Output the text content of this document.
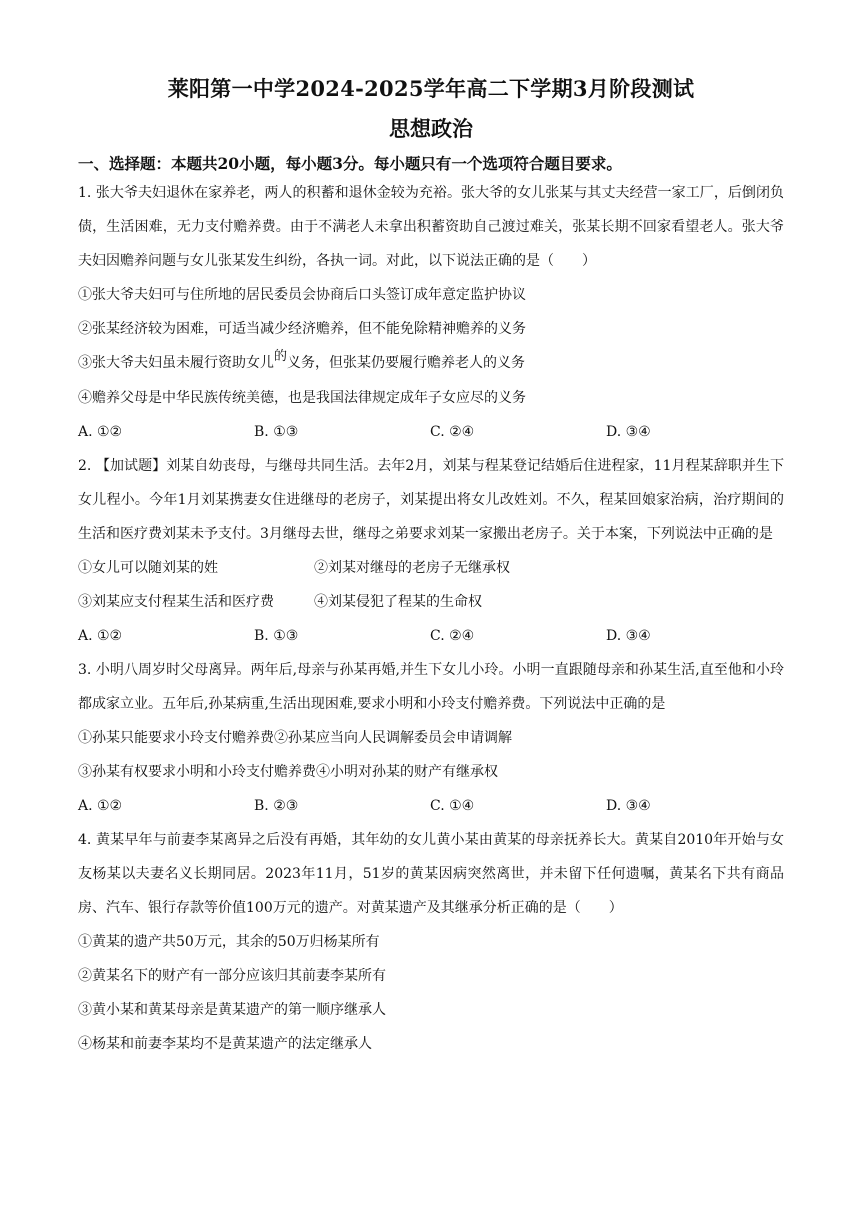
莱阳第一中学2024-2025学年高二下学期3月阶段测试
思想政治

一、选择题：本题共20小题，每小题3分。每小题只有一个选项符合题目要求。

1. 张大爷夫妇退休在家养老，两人的积蓄和退休金较为充裕。张大爷的女儿张某与其丈夫经营一家工厂，后倒闭负债，生活困难，无力支付赡养费。由于不满老人未拿出积蓄资助自己渡过难关，张某长期不回家看望老人。张大爷夫妇因赡养问题与女儿张某发生纠纷，各执一词。对此，以下说法正确的是（　　）

①张大爷夫妇可与住所地的居民委员会协商后口头签订成年意定监护协议

②张某经济较为困难，可适当减少经济赡养，但不能免除精神赡养的义务

③张大爷夫妇虽未履行资助女儿的义务，但张某仍要履行赡养老人的义务

④赡养父母是中华民族传统美德，也是我国法律规定成年子女应尽的义务

A. ①②	B. ①③	C. ②④	D. ③④

2. 【加试题】刘某自幼丧母，与继母共同生活。去年2月，刘某与程某登记结婚后住进程家，11月程某辞职并生下女儿程小。今年1月刘某携妻女住进继母的老房子，刘某提出将女儿改姓刘。不久，程某回娘家治病，治疗期间的生活和医疗费刘某未予支付。3月继母去世，继母之弟要求刘某一家搬出老房子。关于本案，下列说法中正确的是

①女儿可以随刘某的姓	②刘某对继母的老房子无继承权
③刘某应支付程某生活和医疗费	④刘某侵犯了程某的生命权
A. ①②	B. ①③	C. ②④	D. ③④

3. 小明八周岁时父母离异。两年后,母亲与孙某再婚,并生下女儿小玲。小明一直跟随母亲和孙某生活,直至他和小玲都成家立业。五年后,孙某病重,生活出现困难,要求小明和小玲支付赡养费。下列说法中正确的是

①孙某只能要求小玲支付赡养费②孙某应当向人民调解委员会申请调解

③孙某有权要求小明和小玲支付赡养费④小明对孙某的财产有继承权

A. ①②	B. ②③	C. ①④	D. ③④

4. 黄某早年与前妻李某离异之后没有再婚，其年幼的女儿黄小某由黄某的母亲抚养长大。黄某自2010年开始与女友杨某以夫妻名义长期同居。2023年11月，51岁的黄某因病突然离世，并未留下任何遗嘱，黄某名下共有商品房、汽车、银行存款等价值100万元的遗产。对黄某遗产及其继承分析正确的是（　　）

①黄某的遗产共50万元，其余的50万归杨某所有

②黄某名下的财产有一部分应该归其前妻李某所有

③黄小某和黄某母亲是黄某遗产的第一顺序继承人

④杨某和前妻李某均不是黄某遗产的法定继承人
